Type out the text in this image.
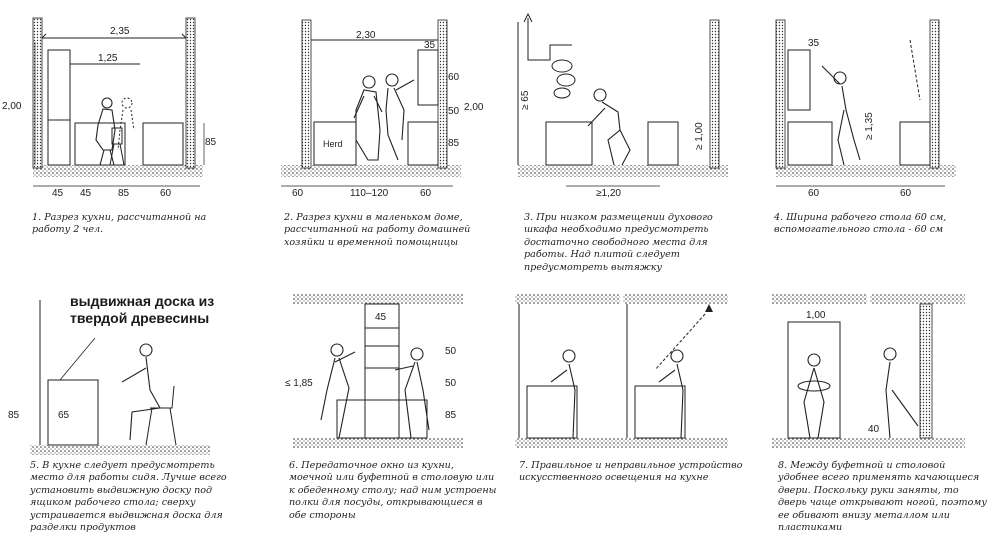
2,35
1,25
2,00
85
45 45	85	60
1. Разрез кухни, рассчитанной на работу 2 чел.
Herd
2,30
35
60
50
85
2,00
60	110–120	60
2. Разрез кухни в маленьком доме, рассчитанной на работу домашней хозяйки и временной помощницы
≥ 65
≥ 1,00
≥1,20
3. При низком размещении духового шкафа необходимо предусмотреть достаточно свободного места для работы. Над плитой следует предусмотреть вытяжку
35
≥ 1,35
60	60
4. Ширина рабочего стола 60 см, вспомогательного стола - 60 см
выдвижная доска из твердой древесины
85	65
5. В кухне следует предусмотреть место для работы сидя. Лучше всего установить выдвижную доску под ящиком рабочего стола; сверху устраивается выдвижная доска для разделки продуктов
45
50
50
85
≤ 1,85
6. Передаточное окно из кухни, моечной или буфетной в столовую или к обеденному столу; над ним устроены полки для посуды, открывающиеся в обе стороны
7. Правильное и неправильное устройство искусственного освещения на кухне
1,00
40
8. Между буфетной и столовой удобнее всего применять качающиеся двери. Поскольку руки заняты, то дверь чаще открывают ногой, поэтому ее обивают внизу металлом или пластиками
